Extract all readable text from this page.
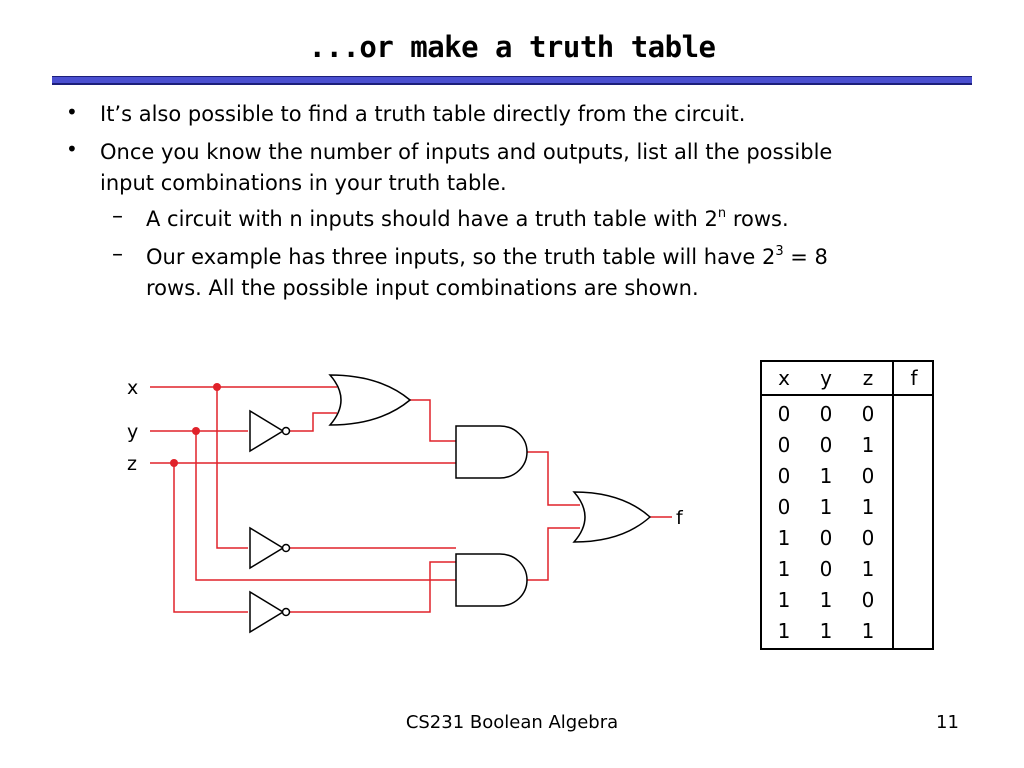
...or make a truth table
• It’s also possible to find a truth table directly from the circuit.
• Once you know the number of inputs and outputs, list all the possible
input combinations in your truth table.
– A circuit with n inputs should have a truth table with 2$^n$ rows.
– Our example has three inputs, so the truth table will have $2^3 = 8$
rows. All the possible input combinations are shown.
x
y
z
f
x	y	z	f
0	0	0
0	0	1
0	1	0
0	1	1
1	0	0
1	0	1
1	1	0
1	1	1
CS231 Boolean Algebra	11
